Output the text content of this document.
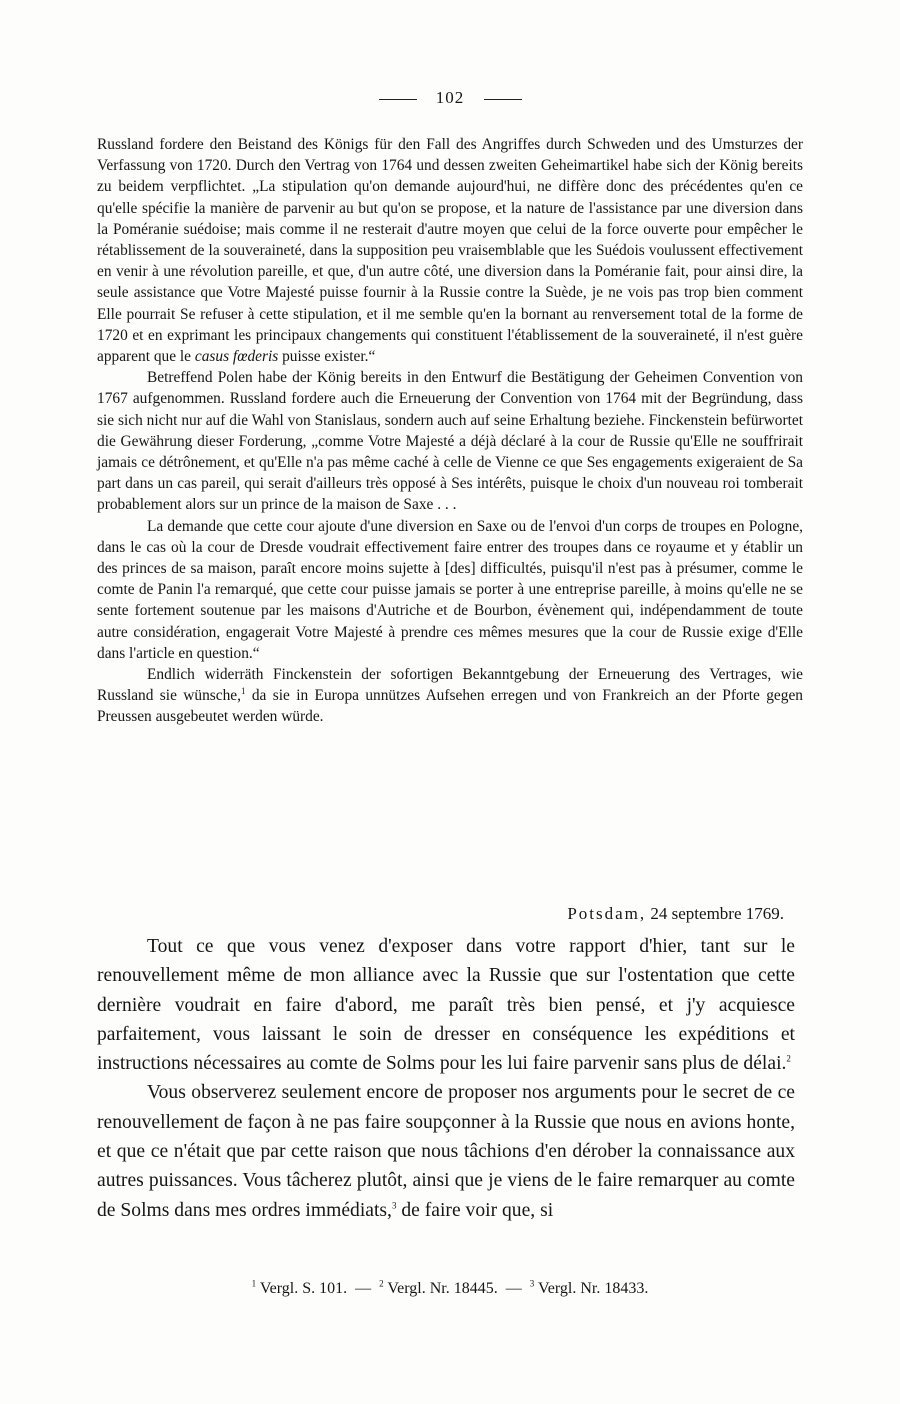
102

Russland fordere den Beistand des Königs für den Fall des Angriffes durch Schweden und des Umsturzes der Verfassung von 1720. Durch den Vertrag von 1764 und dessen zweiten Geheimartikel habe sich der König bereits zu beidem verpflichtet. „La stipulation qu'on demande aujourd'hui, ne diffère donc des précédentes qu'en ce qu'elle spécifie la manière de parvenir au but qu'on se propose, et la nature de l'assistance par une diversion dans la Poméranie suédoise; mais comme il ne resterait d'autre moyen que celui de la force ouverte pour empêcher le rétablissement de la souveraineté, dans la supposition peu vraisemblable que les Suédois voulussent effectivement en venir à une révolution pareille, et que, d'un autre côté, une diversion dans la Poméranie fait, pour ainsi dire, la seule assistance que Votre Majesté puisse fournir à la Russie contre la Suède, je ne vois pas trop bien comment Elle pourrait Se refuser à cette stipulation, et il me semble qu'en la bornant au renversement total de la forme de 1720 et en exprimant les principaux changements qui constituent l'établissement de la souveraineté, il n'est guère apparent que le casus fœderis puisse exister.“

Betreffend Polen habe der König bereits in den Entwurf die Bestätigung der Geheimen Convention von 1767 aufgenommen. Russland fordere auch die Erneuerung der Convention von 1764 mit der Begründung, dass sie sich nicht nur auf die Wahl von Stanislaus, sondern auch auf seine Erhaltung beziehe. Finckenstein befürwortet die Gewährung dieser Forderung, „comme Votre Majesté a déjà déclaré à la cour de Russie qu'Elle ne souffrirait jamais ce détrônement, et qu'Elle n'a pas même caché à celle de Vienne ce que Ses engagements exigeraient de Sa part dans un cas pareil, qui serait d'ailleurs très opposé à Ses intérêts, puisque le choix d'un nouveau roi tomberait probablement alors sur un prince de la maison de Saxe . . .

La demande que cette cour ajoute d'une diversion en Saxe ou de l'envoi d'un corps de troupes en Pologne, dans le cas où la cour de Dresde voudrait effectivement faire entrer des troupes dans ce royaume et y établir un des princes de sa maison, paraît encore moins sujette à [des] difficultés, puisqu'il n'est pas à présumer, comme le comte de Panin l'a remarqué, que cette cour puisse jamais se porter à une entreprise pareille, à moins qu'elle ne se sente fortement soutenue par les maisons d'Autriche et de Bourbon, évènement qui, indépendamment de toute autre considération, engagerait Votre Majesté à prendre ces mêmes mesures que la cour de Russie exige d'Elle dans l'article en question.“

Endlich widerräth Finckenstein der sofortigen Bekanntgebung der Erneuerung des Vertrages, wie Russland sie wünsche,$^1$ da sie in Europa unnützes Aufsehen erregen und von Frankreich an der Pforte gegen Preussen ausgebeutet werden würde.

Potsdam, 24 septembre 1769.

Tout ce que vous venez d'exposer dans votre rapport d'hier, tant sur le renouvellement même de mon alliance avec la Russie que sur l'ostentation que cette dernière voudrait en faire d'abord, me paraît très bien pensé, et j'y acquiesce parfaitement, vous laissant le soin de dresser en conséquence les expéditions et instructions nécessaires au comte de Solms pour les lui faire parvenir sans plus de délai.$^2$

Vous observerez seulement encore de proposer nos arguments pour le secret de ce renouvellement de façon à ne pas faire soupçonner à la Russie que nous en avions honte, et que ce n'était que par cette raison que nous tâchions d'en dérober la connaissance aux autres puissances. Vous tâcherez plutôt, ainsi que je viens de le faire remarquer au comte de Solms dans mes ordres immédiats,$^3$ de faire voir que, si

$^1$ Vergl. S. 101.  —  $^2$ Vergl. Nr. 18445.  —  $^3$ Vergl. Nr. 18433.
